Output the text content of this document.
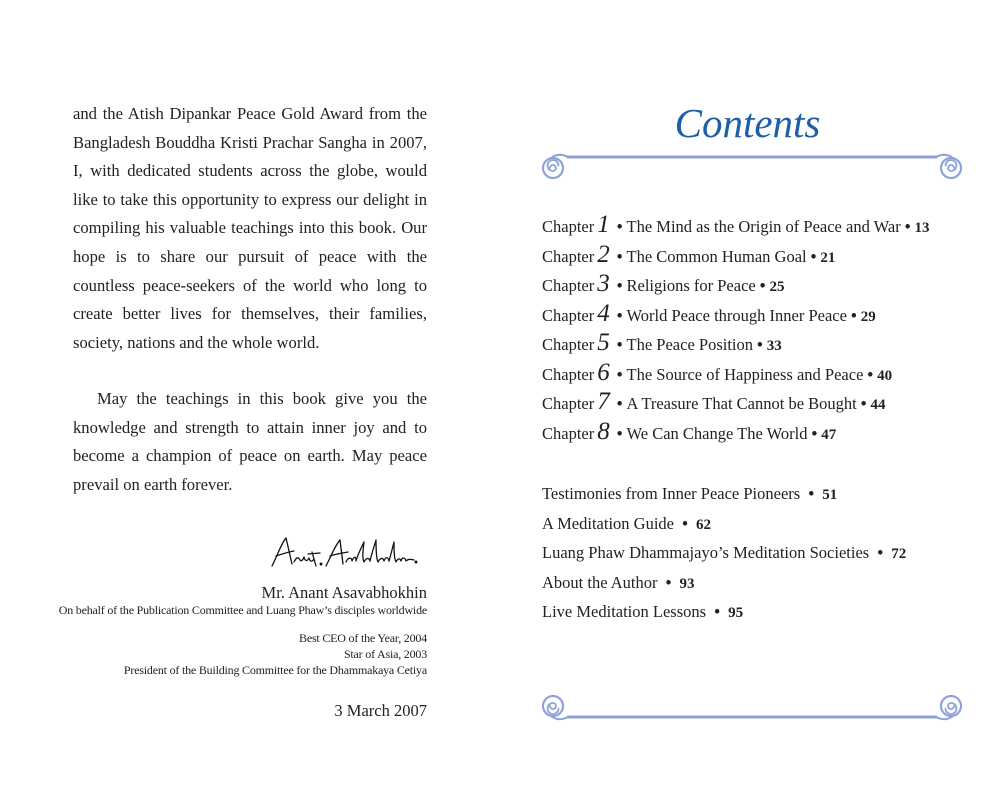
and the Atish Dipankar Peace Gold Award from the Bangladesh Bouddha Kristi Prachar Sangha in 2007, I, with dedicated students across the globe, would like to take this opportunity to express our delight in compiling his valuable teachings into this book. Our hope is to share our pursuit of peace with the countless peace-seekers of the world who long to create better lives for themselves, their families, society, nations and the whole world.

May the teachings in this book give you the knowledge and strength to attain inner joy and to become a champion of peace on earth. May peace prevail on earth forever.

Mr. Anant Asavabhokhin

On behalf of the Publication Committee and Luang Phaw’s disciples worldwide

Best CEO of the Year, 2004
Star of Asia, 2003
President of the Building Committee for the Dhammakaya Cetiya

3 March 2007

Contents
Chapter 1 • The Mind as the Origin of Peace and War • 13
Chapter 2 • The Common Human Goal • 21
Chapter 3 • Religions for Peace • 25
Chapter 4 • World Peace through Inner Peace • 29
Chapter 5 • The Peace Position • 33
Chapter 6 • The Source of Happiness and Peace • 40
Chapter 7 • A Treasure That Cannot be Bought • 44
Chapter 8 • We Can Change The World • 47
Testimonies from Inner Peace Pioneers • 51
A Meditation Guide • 62
Luang Phaw Dhammajayo’s Meditation Societies • 72
About the Author • 93
Live Meditation Lessons • 95
